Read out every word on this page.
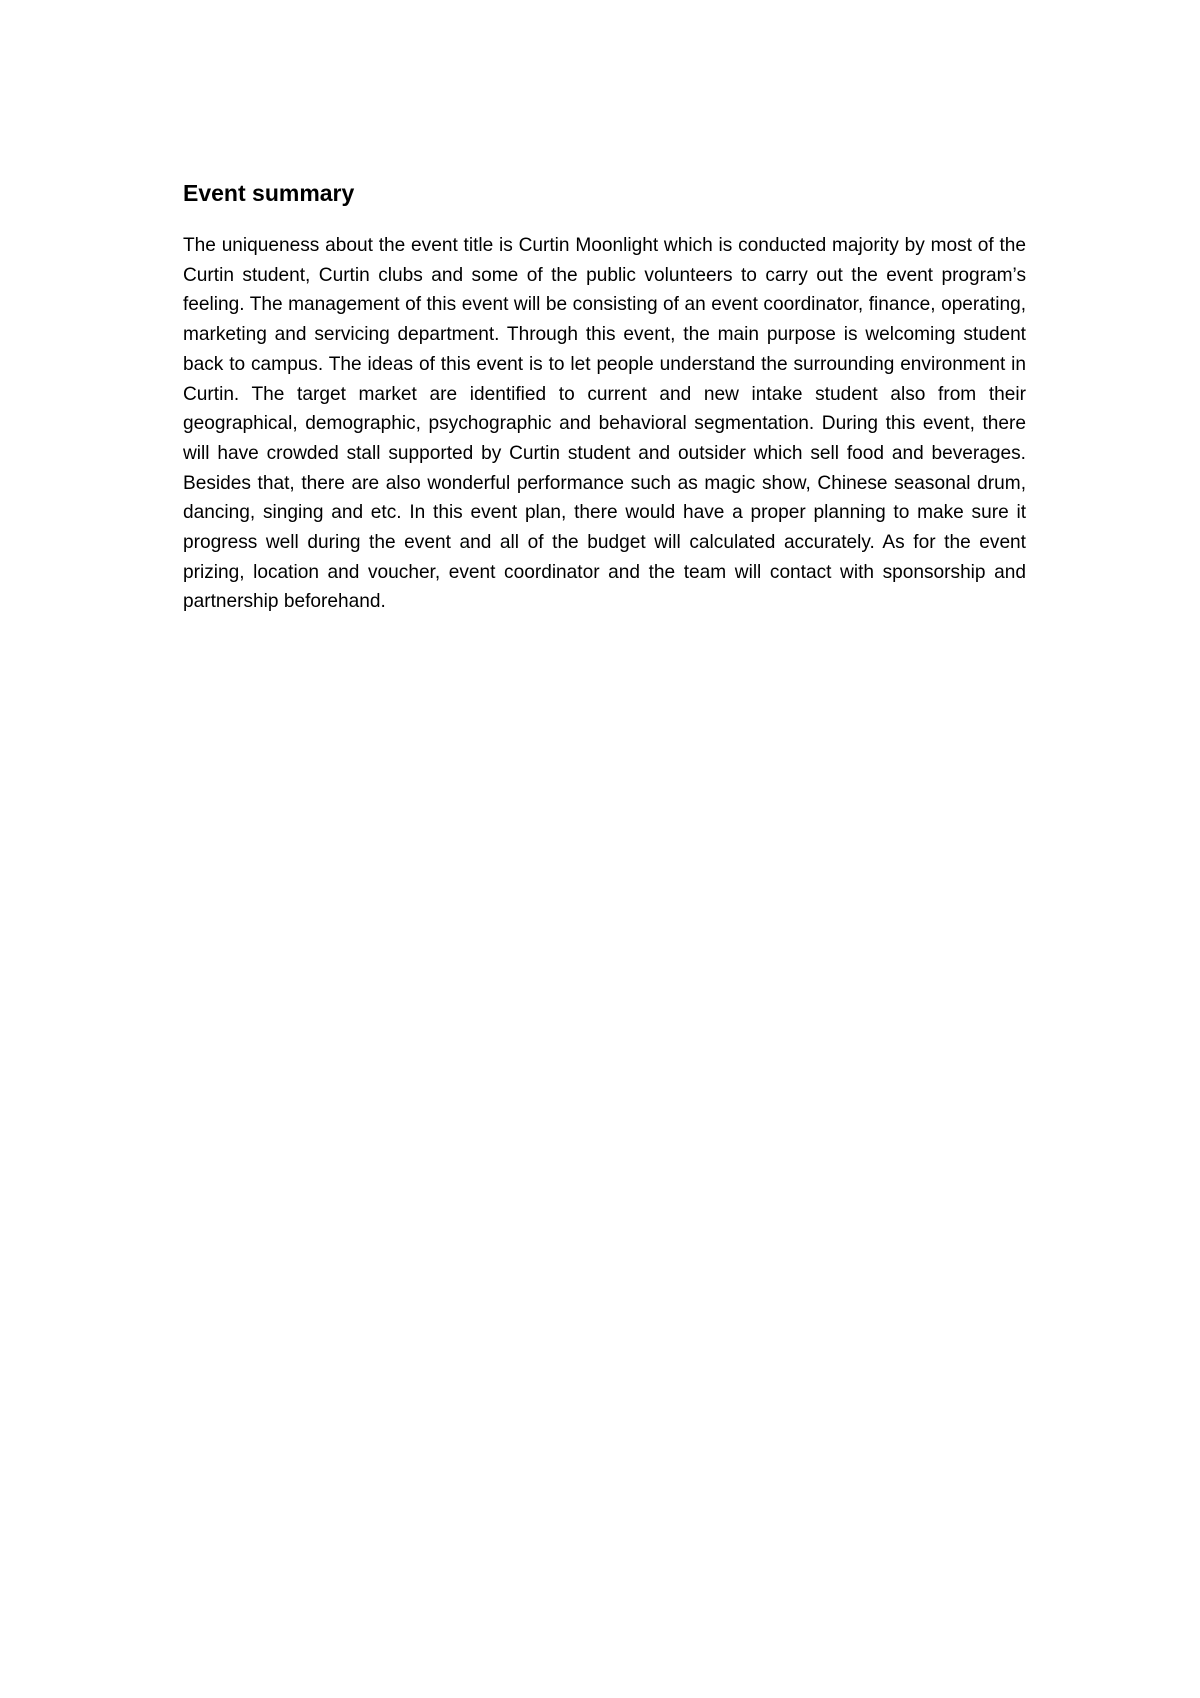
Event summary

The uniqueness about the event title is Curtin Moonlight which is conducted majority by most of the Curtin student, Curtin clubs and some of the public volunteers to carry out the event program’s feeling. The management of this event will be consisting of an event coordinator, finance, operating, marketing and servicing department. Through this event, the main purpose is welcoming student back to campus. The ideas of this event is to let people understand the surrounding environment in Curtin. The target market are identified to current and new intake student also from their geographical, demographic, psychographic and behavioral segmentation. During this event, there will have crowded stall supported by Curtin student and outsider which sell food and beverages. Besides that, there are also wonderful performance such as magic show, Chinese seasonal drum, dancing, singing and etc. In this event plan, there would have a proper planning to make sure it progress well during the event and all of the budget will calculated accurately. As for the event prizing, location and voucher, event coordinator and the team will contact with sponsorship and partnership beforehand.
